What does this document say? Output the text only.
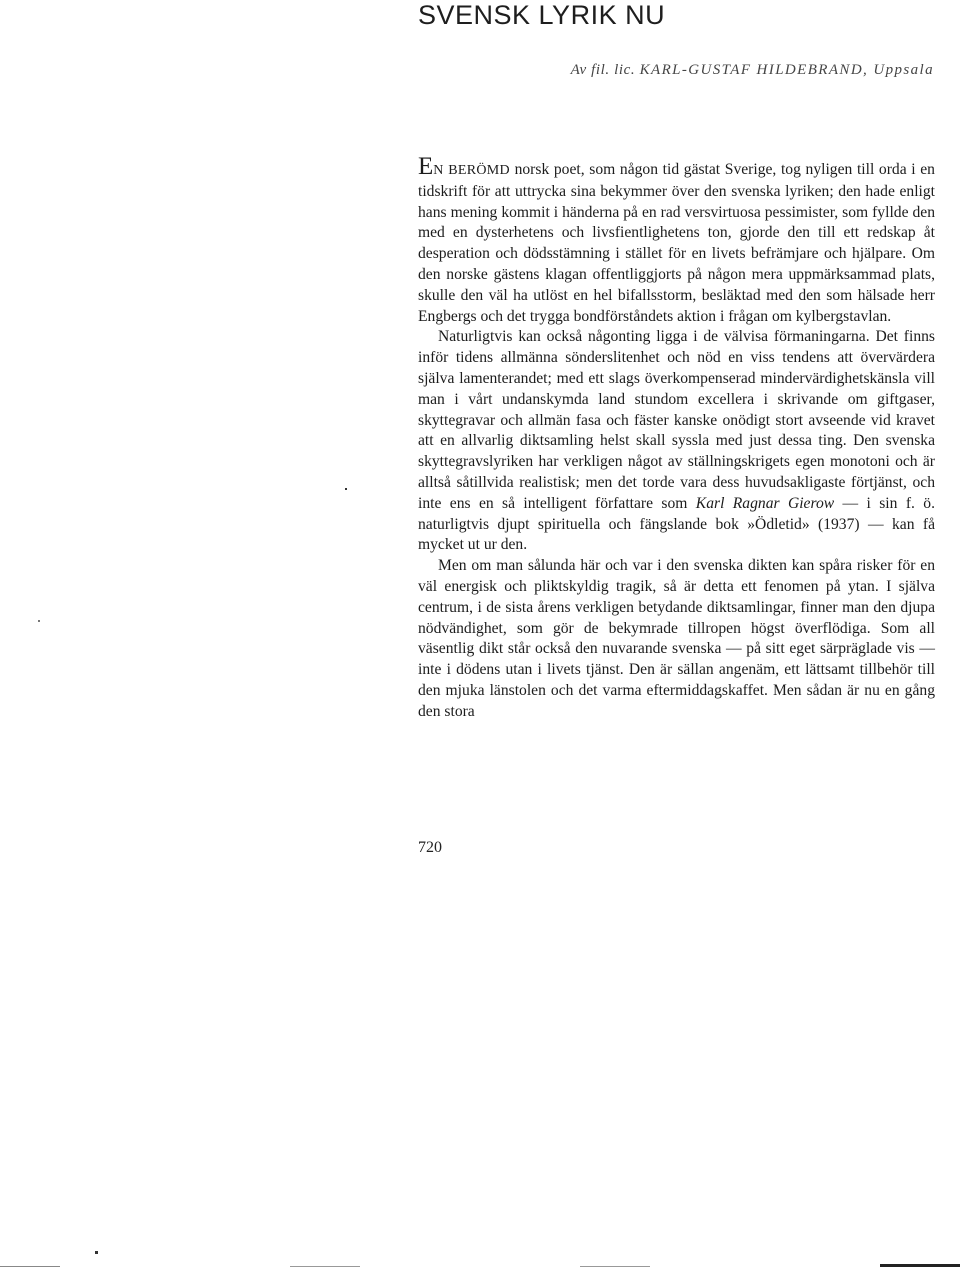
SVENSK LYRIK NU
Av fil. lic. KARL-GUSTAF HILDEBRAND, Uppsala

EN BERÖMD norsk poet, som någon tid gästat Sverige, tog nyligen till orda i en tidskrift för att uttrycka sina bekymmer över den svenska lyriken; den hade enligt hans mening kommit i händerna på en rad versvirtuosa pessimister, som fyllde den med en dysterhetens och livsfientlighetens ton, gjorde den till ett redskap åt desperation och dödsstämning i stället för en livets befrämjare och hjälpare. Om den norske gästens klagan offentliggjorts på någon mera uppmärksammad plats, skulle den väl ha utlöst en hel bifallsstorm, besläktad med den som hälsade herr Engbergs och det trygga bondförståndets aktion i frågan om kylbergstavlan.

Naturligtvis kan också någonting ligga i de välvisa förmaningarna. Det finns inför tidens allmänna sönderslitenhet och nöd en viss tendens att övervärdera själva lamenterandet; med ett slags överkompenserad mindervärdighetskänsla vill man i vårt undanskymda land stundom excellera i skrivande om giftgaser, skyttegravar och allmän fasa och fäster kanske onödigt stort avseende vid kravet att en allvarlig diktsamling helst skall syssla med just dessa ting. Den svenska skyttegravslyriken har verkligen något av ställningskrigets egen monotoni och är alltså såtillvida realistisk; men det torde vara dess huvudsakligaste förtjänst, och inte ens en så intelligent författare som Karl Ragnar Gierow — i sin f. ö. naturligtvis djupt spirituella och fängslande bok »Ödletid» (1937) — kan få mycket ut ur den.

Men om man sålunda här och var i den svenska dikten kan spåra risker för en väl energisk och pliktskyldig tragik, så är detta ett fenomen på ytan. I själva centrum, i de sista årens verkligen betydande diktsamlingar, finner man den djupa nödvändighet, som gör de bekymrade tillropen högst överflödiga. Som all väsentlig dikt står också den nuvarande svenska — på sitt eget särpräglade vis — inte i dödens utan i livets tjänst. Den är sällan angenäm, ett lättsamt tillbehör till den mjuka länstolen och det varma eftermiddagskaffet. Men sådan är nu en gång den stora

720
